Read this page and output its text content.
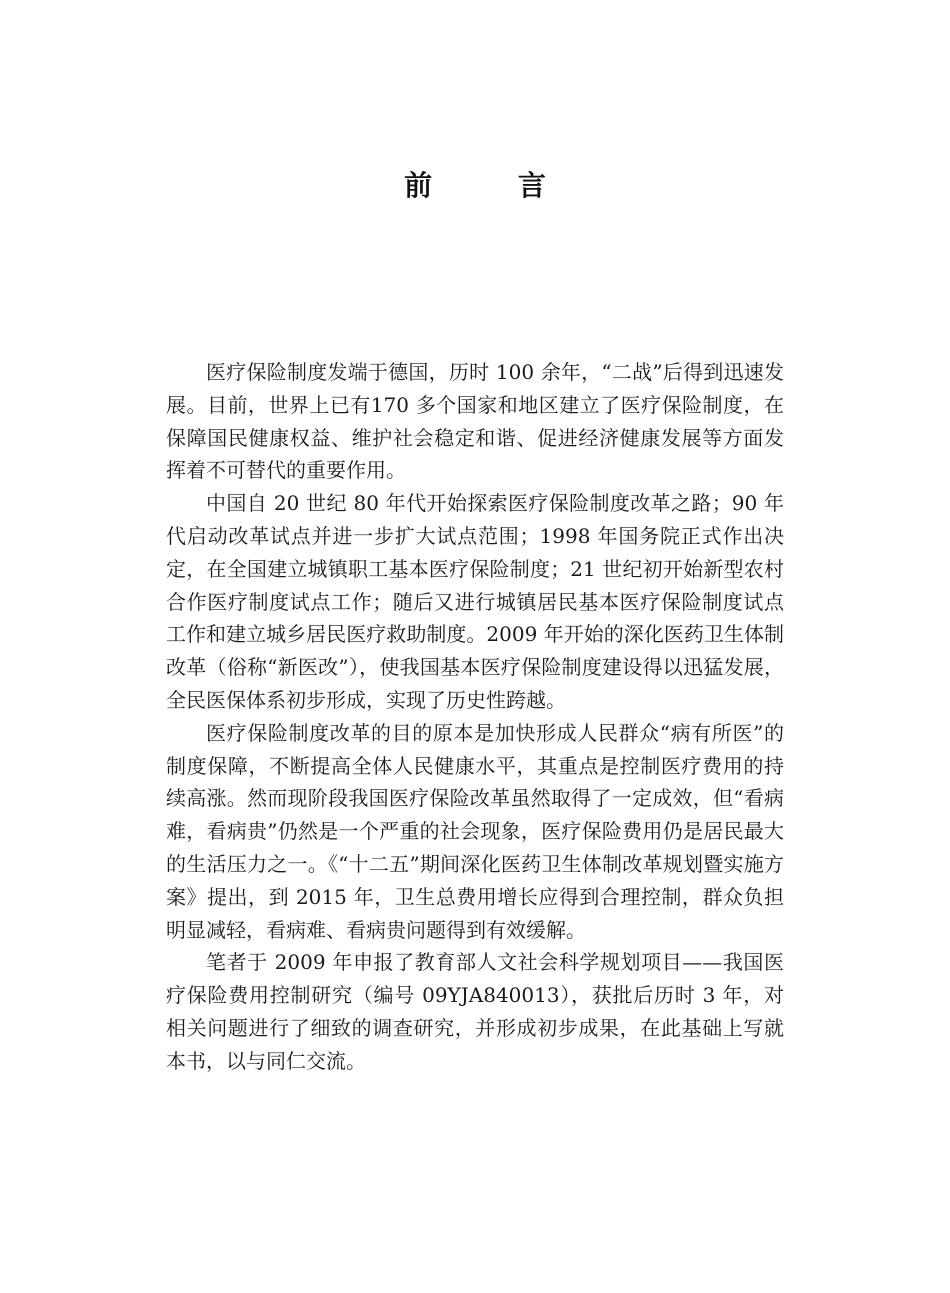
前 言

医疗保险制度发端于德国，历时 100 余年，“二战”后得到迅速发展。目前，世界上已有170 多个国家和地区建立了医疗保险制度，在保障国民健康权益、维护社会稳定和谐、促进经济健康发展等方面发挥着不可替代的重要作用。

中国自 20 世纪 80 年代开始探索医疗保险制度改革之路；90 年代启动改革试点并进一步扩大试点范围；1998 年国务院正式作出决定，在全国建立城镇职工基本医疗保险制度；21 世纪初开始新型农村合作医疗制度试点工作；随后又进行城镇居民基本医疗保险制度试点工作和建立城乡居民医疗救助制度。2009 年开始的深化医药卫生体制改革（俗称“新医改”），使我国基本医疗保险制度建设得以迅猛发展，全民医保体系初步形成，实现了历史性跨越。

医疗保险制度改革的目的原本是加快形成人民群众“病有所医”的制度保障，不断提高全体人民健康水平，其重点是控制医疗费用的持续高涨。然而现阶段我国医疗保险改革虽然取得了一定成效，但“看病难，看病贵”仍然是一个严重的社会现象，医疗保险费用仍是居民最大的生活压力之一。《“十二五”期间深化医药卫生体制改革规划暨实施方案》提出，到 2015 年，卫生总费用增长应得到合理控制，群众负担明显减轻，看病难、看病贵问题得到有效缓解。

笔者于 2009 年申报了教育部人文社会科学规划项目——我国医疗保险费用控制研究（编号 09YJA840013），获批后历时 3 年，对相关问题进行了细致的调查研究，并形成初步成果，在此基础上写就本书，以与同仁交流。
